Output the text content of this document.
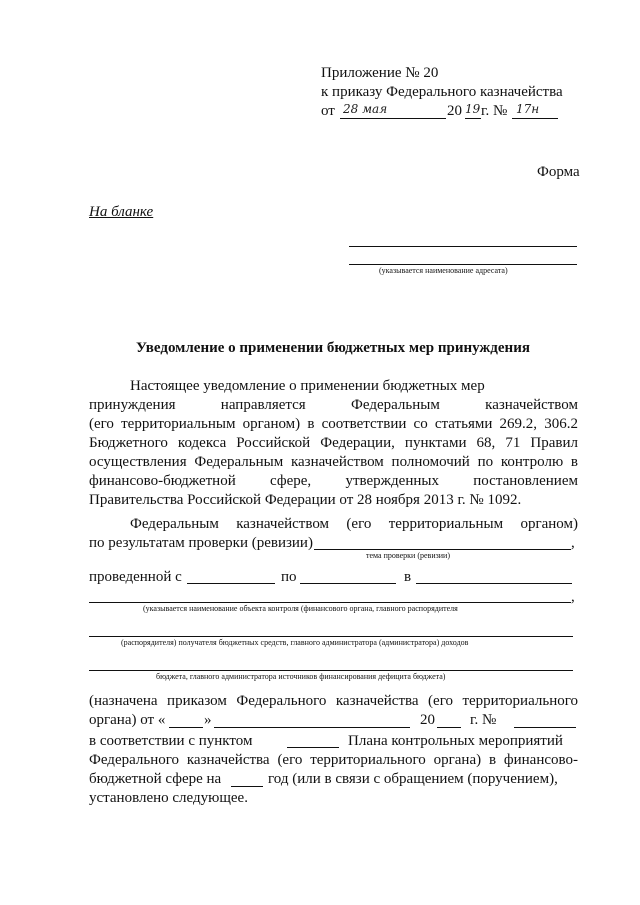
Приложение № 20
к приказу Федерального казначейства
от 28 мая	20 19 г. № 17н
Форма
На бланке
(указывается наименование адресата)
Уведомление о применении бюджетных мер принуждения
Настоящее уведомление о применении бюджетных мер
принуждения направляется Федеральным казначейством
(его территориальным органом) в соответствии со статьями 269.2, 306.2
Бюджетного кодекса Российской Федерации, пунктами 68, 71 Правил
осуществления Федеральным казначейством полномочий по контролю в
финансово-бюджетной сфере, утвержденных постановлением
Правительства Российской Федерации от 28 ноября 2013 г. № 1092.
Федеральным казначейством (его территориальным органом)
по результатам проверки (ревизии)	,
тема проверки (ревизии)
проведенной с	по	в
,
(указывается наименование объекта контроля (финансового органа, главного распорядителя
(распорядителя) получателя бюджетных средств, главного администратора (администратора) доходов
бюджета, главного администратора источников финансирования дефицита бюджета)
(назначена приказом Федерального казначейства (его территориального
органа) от «	»	20 г. №
в соответствии с пунктом	Плана контрольных мероприятий
Федерального казначейства (его территориального органа) в финансово-
бюджетной сфере на	год (или в связи с обращением (поручением),
установлено следующее.
